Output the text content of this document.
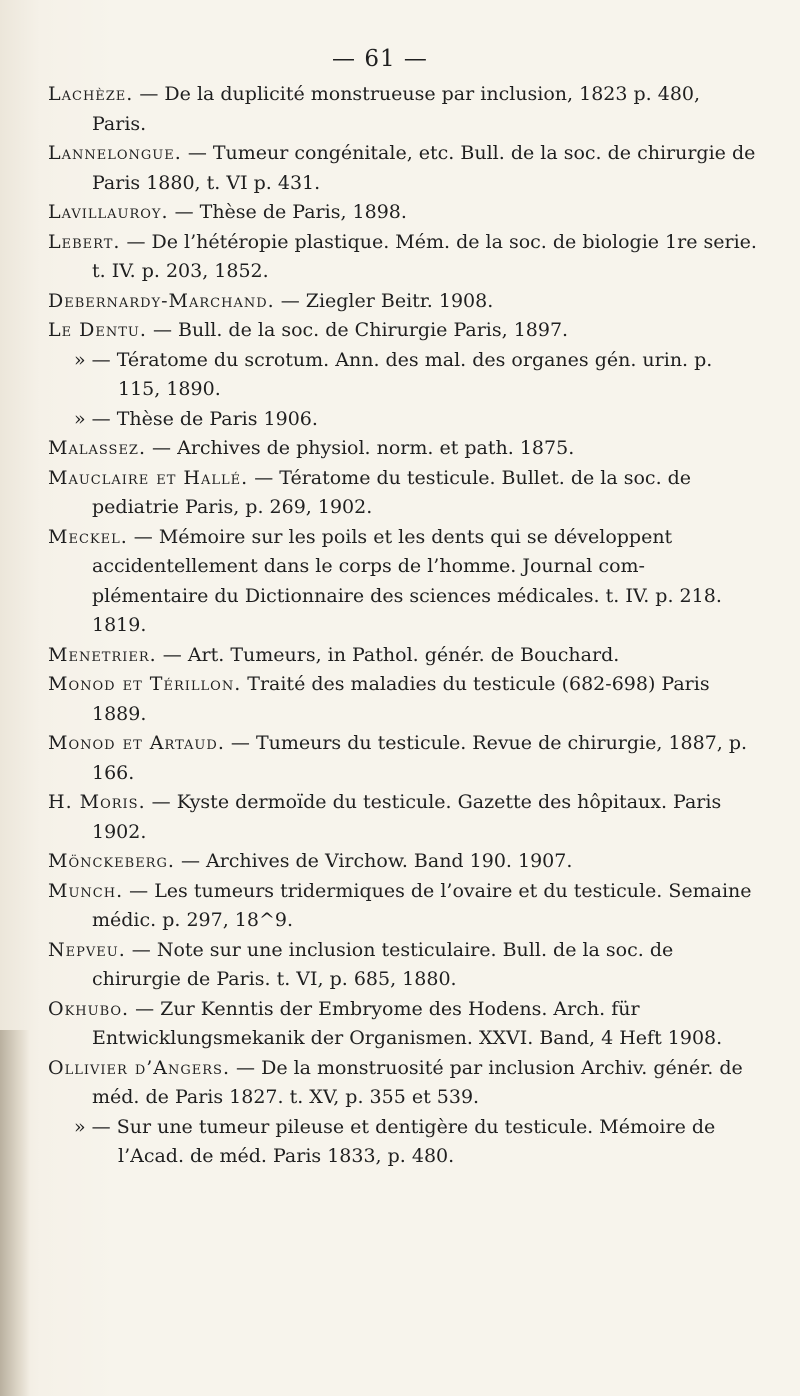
— 61 —

Lachèze. — De la duplicité monstrueuse par inclusion, 1823 p. 480, Paris.

Lannelongue. — Tumeur congénitale, etc. Bull. de la soc. de chirurgie de Paris 1880, t. VI p. 431.

Lavillauroy. — Thèse de Paris, 1898.

Lebert. — De l’hétéropie plastique. Mém. de la soc. de biologie 1re serie. t. IV. p. 203, 1852.

Debernardy-Marchand. — Ziegler Beitr. 1908.

Le Dentu. — Bull. de la soc. de Chirurgie Paris, 1897.

» — Tératome du scrotum. Ann. des mal. des organes gén. urin. p. 115, 1890.

» — Thèse de Paris 1906.

Malassez. — Archives de physiol. norm. et path. 1875.

Mauclaire et Hallé. — Tératome du testicule. Bullet. de la soc. de pediatrie Paris, p. 269, 1902.

Meckel. — Mémoire sur les poils et les dents qui se développent accidentellement dans le corps de l’homme. Journal com- plémentaire du Dictionnaire des sciences médicales. t. IV. p. 218. 1819.

Menetrier. — Art. Tumeurs, in Pathol. génér. de Bouchard.

Monod et Térillon. Traité des maladies du testicule (682-698) Paris 1889.

Monod et Artaud. — Tumeurs du testicule. Revue de chirurgie, 1887, p. 166.

H. Moris. — Kyste dermoïde du testicule. Gazette des hôpitaux. Paris 1902.

Mönckeberg. — Archives de Virchow. Band 190. 1907.

Munch. — Les tumeurs tridermiques de l’ovaire et du testicule. Semaine médic. p. 297, 18^9.

Nepveu. — Note sur une inclusion testiculaire. Bull. de la soc. de chirurgie de Paris. t. VI, p. 685, 1880.

Okhubo. — Zur Kenntis der Embryome des Hodens. Arch. für Entwicklungsmekanik der Organismen. XXVI. Band, 4 Heft 1908.

Ollivier d’Angers. — De la monstruosité par inclusion Archiv. génér. de méd. de Paris 1827. t. XV, p. 355 et 539.

» — Sur une tumeur pileuse et dentigère du testicule. Mémoire de l’Acad. de méd. Paris 1833, p. 480.
